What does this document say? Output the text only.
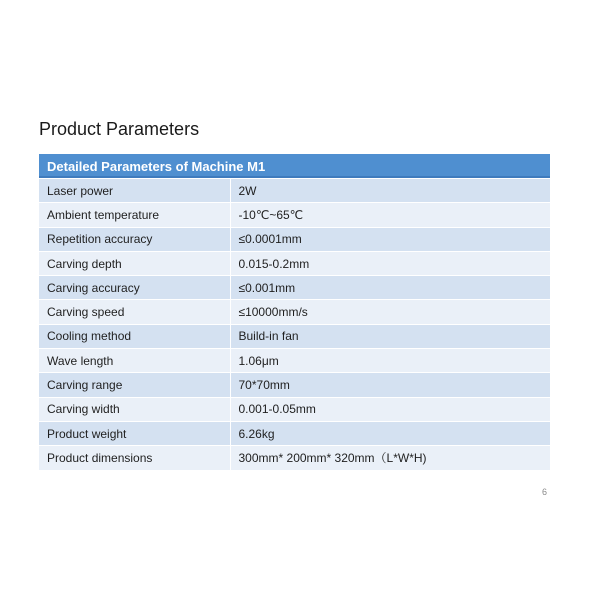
Product Parameters
Detailed Parameters of Machine M1	
Laser power	2W
Ambient temperature	-10℃~65℃
Repetition accuracy	≤0.0001mm
Carving depth	0.015-0.2mm
Carving accuracy	≤0.001mm
Carving speed	≤10000mm/s
Cooling method	Build-in fan
Wave length	1.06μm
Carving range	70*70mm
Carving width	0.001-0.05mm
Product weight	6.26kg
Product dimensions	300mm* 200mm* 320mm（L*W*H)
6
